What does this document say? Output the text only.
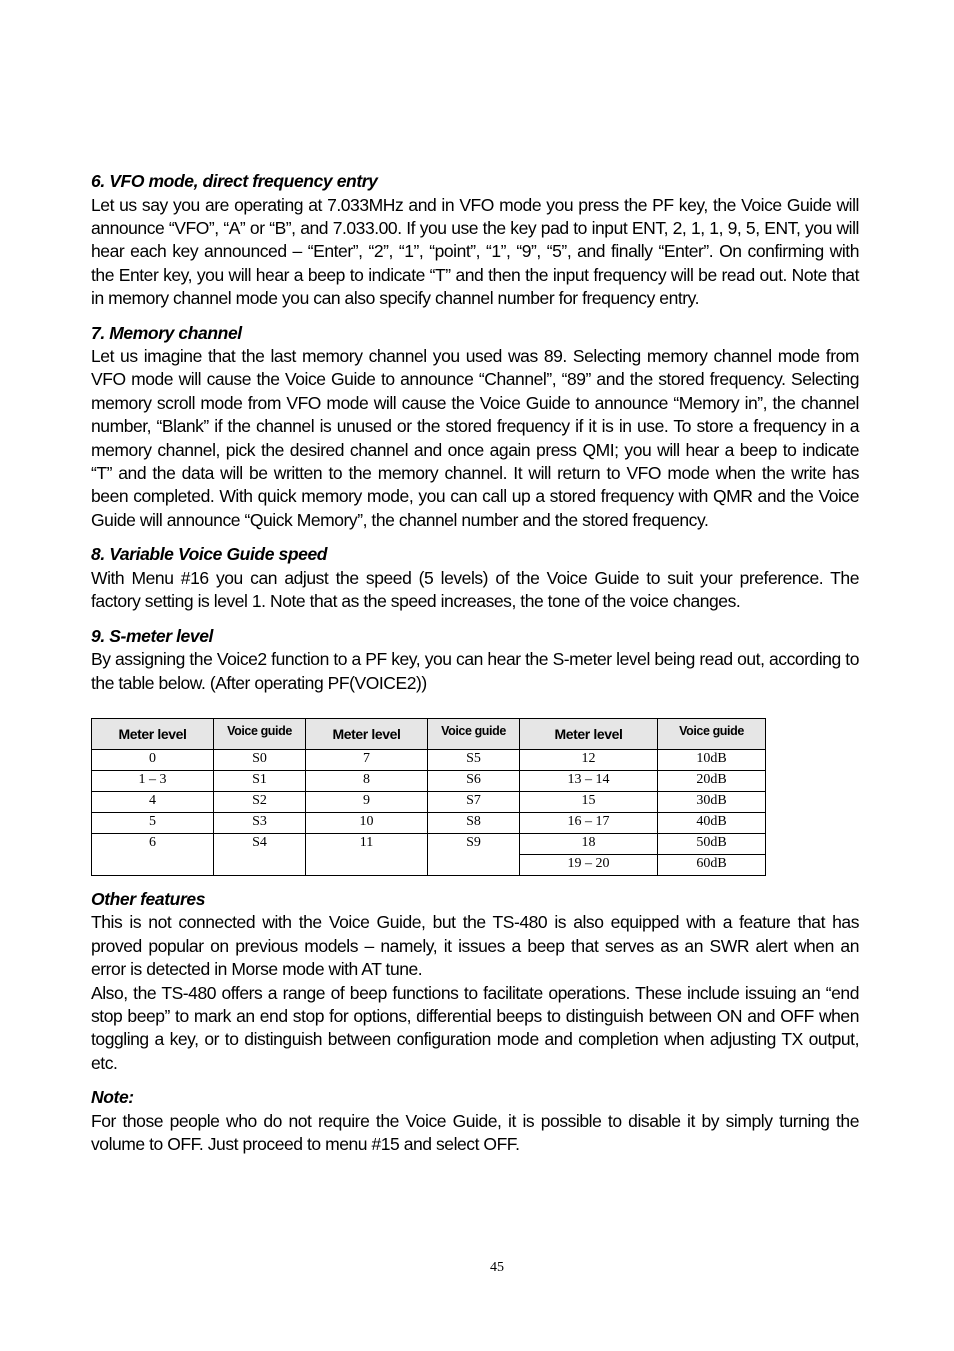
6. VFO mode, direct frequency entry

Let us say you are operating at 7.033MHz and in VFO mode you press the PF key, the Voice Guide will announce “VFO”, “A” or “B”, and 7.033.00. If you use the key pad to input ENT, 2, 1, 1, 9, 5, ENT, you will hear each key announced – “Enter”, “2”, “1”, “point”, “1”, “9”, “5”, and finally “Enter”. On confirming with the Enter key, you will hear a beep to indicate “T” and then the input frequency will be read out. Note that in memory channel mode you can also specify channel number for frequency entry.

7. Memory channel

Let us imagine that the last memory channel you used was 89. Selecting memory channel mode from VFO mode will cause the Voice Guide to announce “Channel”, “89” and the stored frequency. Selecting memory scroll mode from VFO mode will cause the Voice Guide to announce “Memory in”, the channel number, “Blank” if the channel is unused or the stored frequency if it is in use. To store a frequency in a memory channel, pick the desired channel and once again press QMI; you will hear a beep to indicate “T” and the data will be written to the memory channel. It will return to VFO mode when the write has been completed. With quick memory mode, you can call up a stored frequency with QMR and the Voice Guide will announce “Quick Memory”, the channel number and the stored frequency.

8. Variable Voice Guide speed

With Menu #16 you can adjust the speed (5 levels) of the Voice Guide to suit your preference. The factory setting is level 1. Note that as the speed increases, the tone of the voice changes.

9. S-meter level

By assigning the Voice2 function to a PF key, you can hear the S-meter level being read out, according to the table below. (After operating PF(VOICE2))

Meter level	Voice guide	Meter level	Voice guide	Meter level	Voice guide
0	S0	7	S5	12	10dB
1 – 3	S1	8	S6	13 – 14	20dB
4	S2	9	S7	15	30dB
5	S3	10	S8	16 – 17	40dB
6	S4	11	S9	18	50dB
				19 – 20	60dB
Other features

This is not connected with the Voice Guide, but the TS-480 is also equipped with a feature that has proved popular on previous models – namely, it issues a beep that serves as an SWR alert when an error is detected in Morse mode with AT tune.

Also, the TS-480 offers a range of beep functions to facilitate operations. These include issuing an “end stop beep” to mark an end stop for options, differential beeps to distinguish between ON and OFF when toggling a key, or to distinguish between configuration mode and completion when adjusting TX output, etc.

Note:

For those people who do not require the Voice Guide, it is possible to disable it by simply turning the volume to OFF. Just proceed to menu #15 and select OFF.

45
